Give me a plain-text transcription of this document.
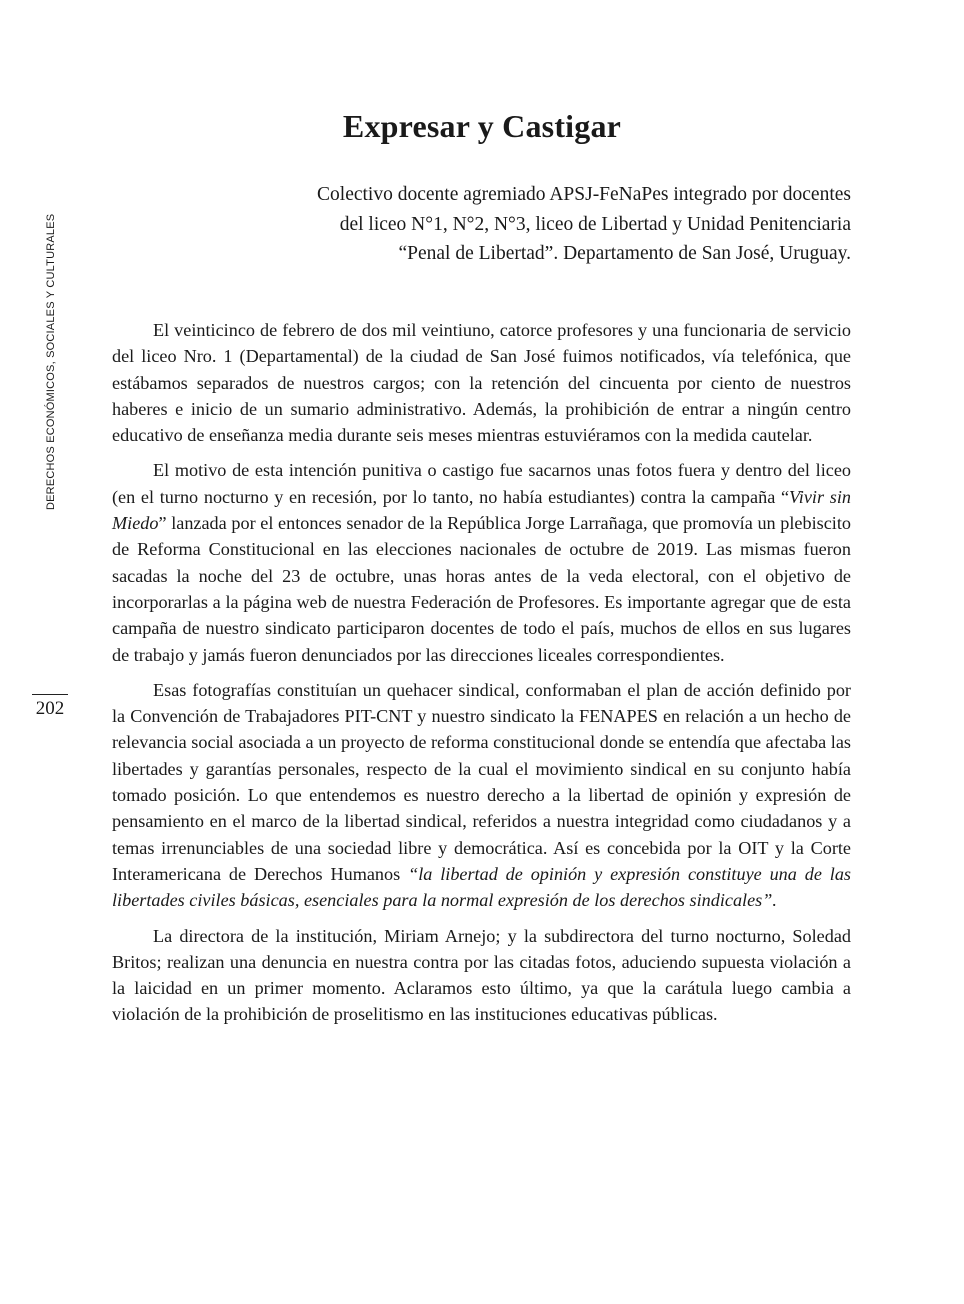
DERECHOS ECONÓMICOS, SOCIALES Y CULTURALES
202
Expresar y Castigar
Colectivo docente agremiado APSJ-FeNaPes integrado por docentes
del liceo N°1, N°2, N°3, liceo de Libertad y Unidad Penitenciaria
“Penal de Libertad”. Departamento de San José, Uruguay.

El veinticinco de febrero de dos mil veintiuno, catorce profesores y una funcionaria de servicio del liceo Nro. 1 (Departamental) de la ciudad de San José fuimos notificados, vía telefónica, que estábamos separados de nuestros cargos; con la retención del cincuenta por ciento de nuestros haberes e inicio de un sumario administrativo. Además, la prohibición de entrar a ningún centro educativo de enseñanza media durante seis meses mientras estuviéramos con la medida cautelar.

El motivo de esta intención punitiva o castigo fue sacarnos unas fotos fuera y dentro del liceo (en el turno nocturno y en recesión, por lo tanto, no había estudiantes) contra la campaña “Vivir sin Miedo” lanzada por el entonces senador de la República Jorge Larrañaga, que promovía un plebiscito de Reforma Constitucional en las elecciones nacionales de octubre de 2019. Las mismas fueron sacadas la noche del 23 de octubre, unas horas antes de la veda electoral, con el objetivo de incorporarlas a la página web de nuestra Federación de Profesores. Es importante agregar que de esta campaña de nuestro sindicato participaron docentes de todo el país, muchos de ellos en sus lugares de trabajo y jamás fueron denunciados por las direcciones liceales correspondientes.

Esas fotografías constituían un quehacer sindical, conformaban el plan de acción definido por la Convención de Trabajadores PIT-CNT y nuestro sindicato la FENAPES en relación a un hecho de relevancia social asociada a un proyecto de reforma constitucional donde se entendía que afectaba las libertades y garantías personales, respecto de la cual el movimiento sindical en su conjunto había tomado posición. Lo que entendemos es nuestro derecho a la libertad de opinión y expresión de pensamiento en el marco de la libertad sindical, referidos a nuestra integridad como ciudadanos y a temas irrenunciables de una sociedad libre y democrática. Así es concebida por la OIT y la Corte Interamericana de Derechos Humanos “la libertad de opinión y expresión constituye una de las libertades civiles básicas, esenciales para la normal expresión de los derechos sindicales”.

La directora de la institución, Miriam Arnejo; y la subdirectora del turno nocturno, Soledad Britos; realizan una denuncia en nuestra contra por las citadas fotos, aduciendo supuesta violación a la laicidad en un primer momento. Aclaramos esto último, ya que la carátula luego cambia a violación de la prohibición de proselitismo en las instituciones educativas públicas.
